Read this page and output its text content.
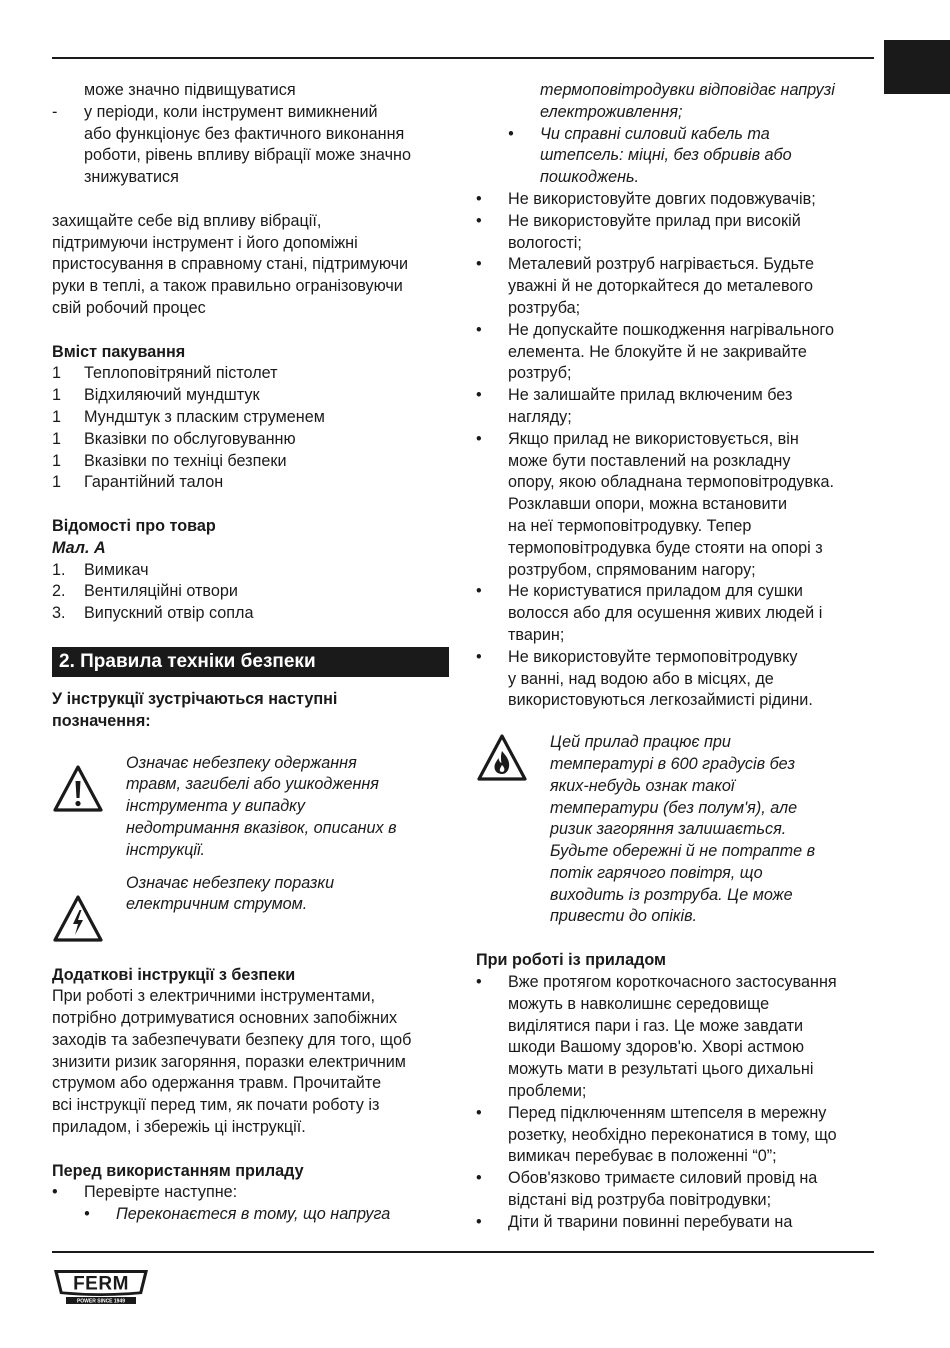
може значно підвищуватися

- у періоди, коли інструмент вимикнений

або функціонує без фактичного виконання

роботи, рівень впливу вібрації може значно

знижуватися

захищайте себе від впливу вібрації,

підтримуючи інструмент і його допоміжні

пристосування в справному стані, підтримуючи

руки в теплі, а також правильно огранізовуючи

свій робочий процес

Вміст пакування

1 Теплоповітряний пістолет
1 Відхиляючий мундштук
1 Мундштук з пласким струменем
1 Вказівки по обслуговуванню
1 Вказівки по техніці безпеки
1 Гарантійний талон

Відомості про товар

Мал. A

1. Вимикач
2. Вентиляційні отвори
3. Випускний отвір сопла
2. Правила техніки безпеки

У інструкції зустрічаються наступні

позначення:

Означає небезпеку одержання

травм, загибелі або ушкодження

інструмента у випадку

недотримання вказівок, описаних в

інструкції.

Означає небезпеку поразки

електричним струмом.

Додаткові інструкції з безпеки

При роботі з електричними інструментами,

потрібно дотримуватися основних запобіжних

заходів та забезпечувати безпеку для того, щоб

знизити ризик загоряння, поразки електричним

струмом або одержання травм. Прочитайте

всі інструкції перед тим, як почати роботу із

приладом, і збережіь ці інструкції.

Перед використанням приладу

• Перевірте наступне:
• Переконаєтеся в тому, що напруга

термоповітродувки відповідає напрузі

електроживлення;

• Чи справні силовий кабель та

штепсель: міцні, без обривів або

пошкоджень.

• Не використовуйте довгих подовжувачів;

• Не використовуйте прилад при високій

вологості;

• Металевий розтруб нагрівається. Будьте

уважні й не доторкайтеся до металевого

розтруба;

• Не допускайте пошкодження нагрівального

елемента. Не блокуйте й не закривайте

розтруб;

• Не залишайте прилад включеним без

нагляду;

• Якщо прилад не використовується, він

може бути поставлений на розкладну

опору, якою обладнана термоповітродувка.

Розклавши опори, можна встановити

на неї термоповітродувку. Тепер

термоповітродувка буде стояти на опорі з

розтрубом, спрямованим нагору;

• Не користуватися приладом для сушки

волосся або для осушення живих людей і

тварин;

• Не використовуйте термоповітродувку

у ванні, над водою або в місцях, де

використовуються легкозаймисті рідини.

Цей прилад працює при

температурі в 600 градусів без

яких-небудь ознак такої

температури (без полум'я), але

ризик загоряння залишається.

Будьте обережні й не потрапте в

потік гарячого повітря, що

виходить із розтруба. Це може

привести до опіків.

При роботі із приладом

• Вже протягом короткочасного застосування

можуть в навколишнє середовище

виділятися пари і газ. Це може завдати

шкоди Вашому здоров'ю. Хворі астмою

можуть мати в результаті цього дихальні

проблеми;

• Перед підключенням штепселя в мережну

розетку, необхідно переконатися в тому, що

вимикач перебуває в положенні “0”;

• Обов'язково тримаєте силовий провід на

відстані від розтруба повітродувки;

• Діти й тварини повинні перебувати на

FERM
POWER SINCE 1949
